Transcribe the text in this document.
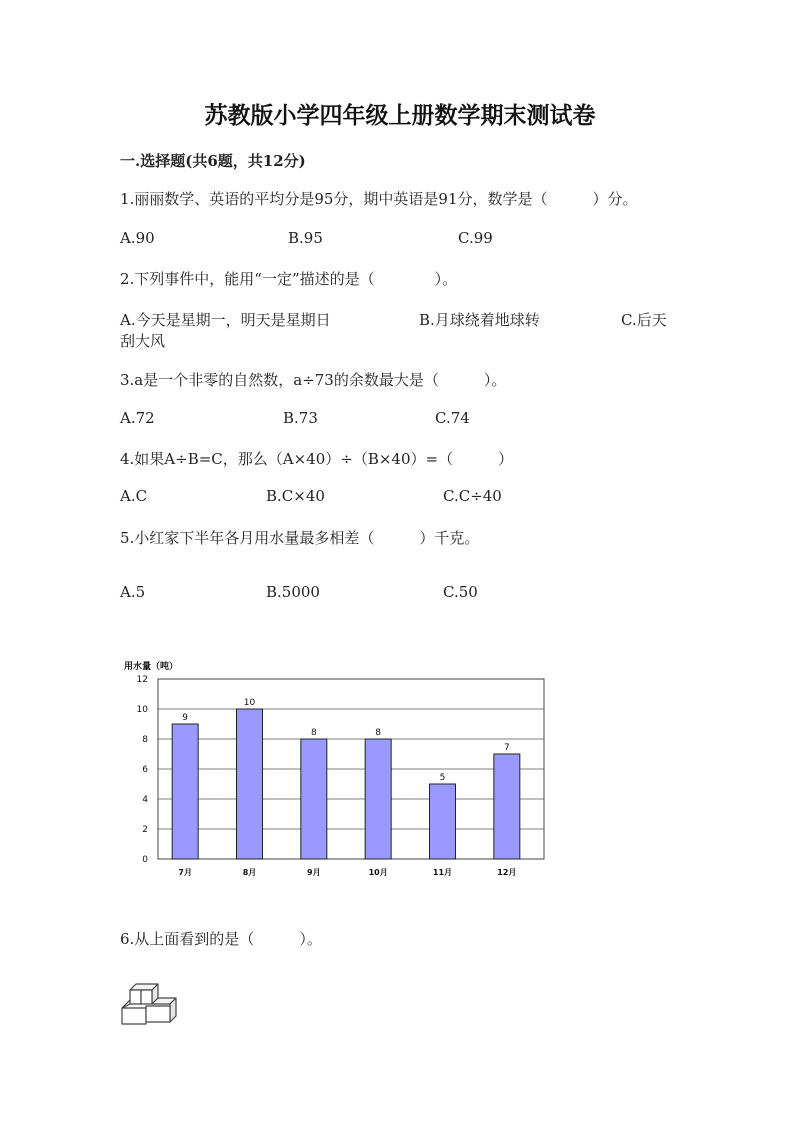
苏教版小学四年级上册数学期末测试卷
一.选择题(共6题，共12分)
1.丽丽数学、英语的平均分是95分，期中英语是91分，数学是（　　　）分。
A.90	B.95	C.99
2.下列事件中，能用“一定”描述的是（　　　　）。
A.今天是星期一，明天是星期日	B.月球绕着地球转	C.后天
刮大风
3.a是一个非零的自然数，a÷73的余数最大是（　　　）。
A.72	B.73	C.74
4.如果A÷B=C，那么（A×40）÷（B×40）=（　　　）
A.C	B.C×40	C.C÷40
5.小红家下半年各月用水量最多相差（　　　）千克。
A.5	B.5000	C.50
用水量（吨）
0
2
4
6
8
10
12
9
7月
10
8月
8
9月
8
10月
5
11月
7
12月
6.从上面看到的是（　　　）。
